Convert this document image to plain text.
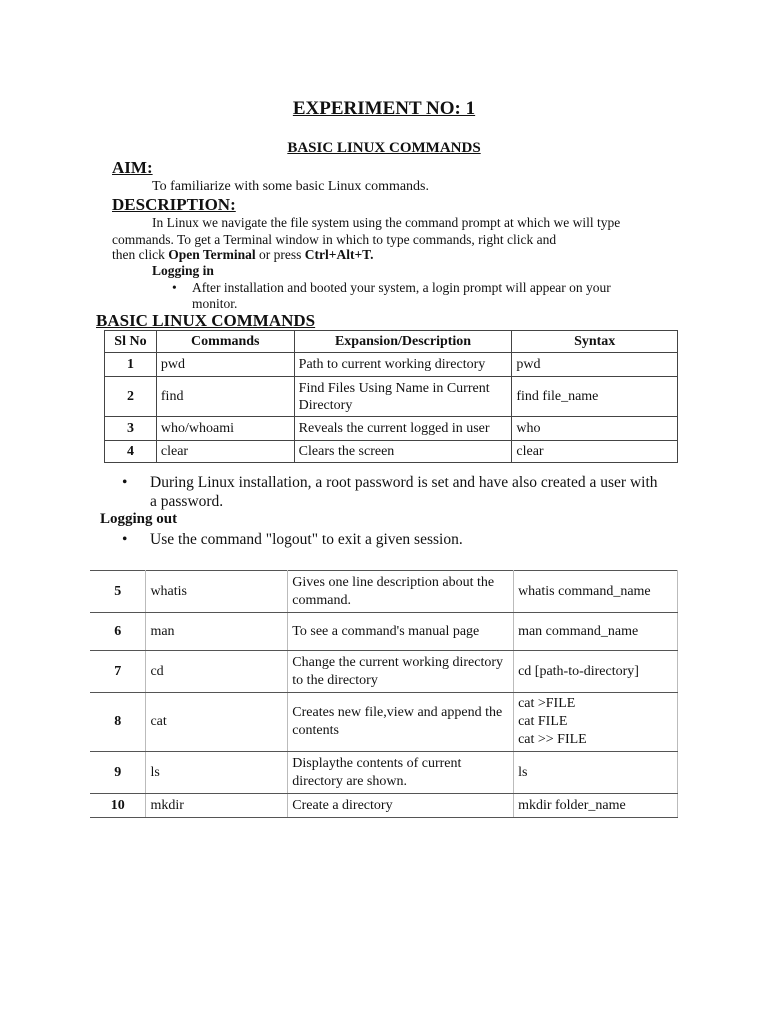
EXPERIMENT NO: 1
BASIC LINUX COMMANDS
AIM:
To familiarize with some basic Linux commands.
DESCRIPTION:
In Linux we navigate the file system using the command prompt at which we will type
commands. To get a Terminal window in which to type commands, right click and
then click Open Terminal or press Ctrl+Alt+T.
Logging in
• After installation and booted your system, a login prompt will appear on your
monitor.
BASIC LINUX COMMANDS
Sl No	Commands	Expansion/Description	Syntax
1	pwd	Path to current working directory	pwd
2	find	Find Files Using Name in Current Directory	find file_name
3	who/whoami	Reveals the current logged in user	who
4	clear	Clears the screen	clear
• During Linux installation, a root password is set and have also created a user with
a password.
Logging out
• Use the command "logout" to exit a given session.
5	whatis	Gives one line description about the command.	whatis command_name
6	man	To see a command's manual page	man command_name
7	cd	Change the current working directory to the directory	cd [path-to-directory]
8	cat	Creates new file,view and append the contents	cat >FILE
cat FILE
cat >> FILE
9	ls	Displaythe contents of current directory are shown.	ls
10	mkdir	Create a directory	mkdir folder_name
